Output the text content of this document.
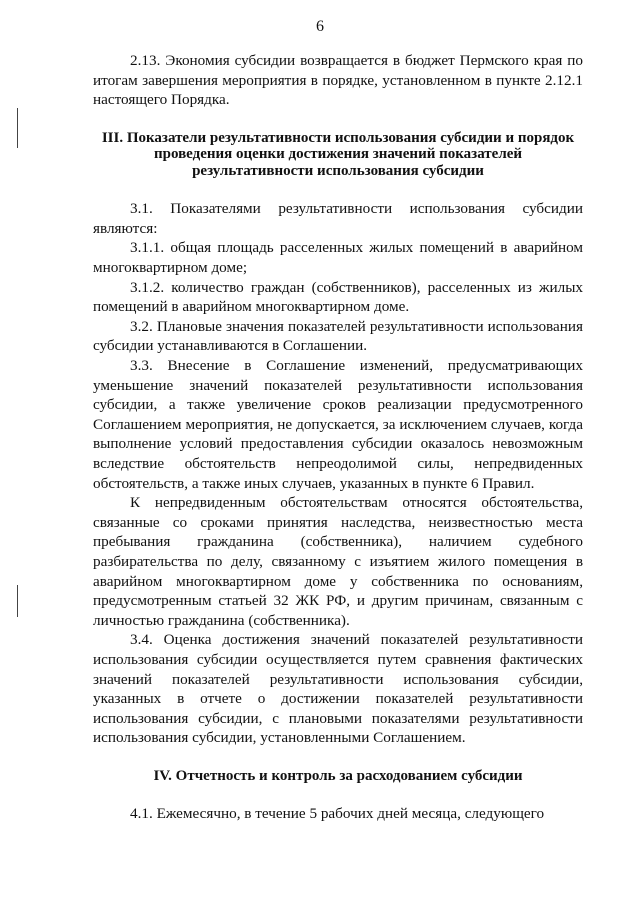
6

2.13. Экономия субсидии возвращается в бюджет Пермского края по итогам завершения мероприятия в порядке, установленном в пункте 2.12.1 настоящего Порядка.

III. Показатели результативности использования субсидии и порядок проведения оценки достижения значений показателей результативности использования субсидии

3.1. Показателями результативности использования субсидии являются:

3.1.1. общая площадь расселенных жилых помещений в аварийном многоквартирном доме;

3.1.2. количество граждан (собственников), расселенных из жилых помещений в аварийном многоквартирном доме.

3.2. Плановые значения показателей результативности использования субсидии устанавливаются в Соглашении.

3.3. Внесение в Соглашение изменений, предусматривающих уменьшение значений показателей результативности использования субсидии, а также увеличение сроков реализации предусмотренного Соглашением мероприятия, не допускается, за исключением случаев, когда выполнение условий предоставления субсидии оказалось невозможным вследствие обстоятельств непреодолимой силы, непредвиденных обстоятельств, а также иных случаев, указанных в пункте 6 Правил.

К непредвиденным обстоятельствам относятся обстоятельства, связанные со сроками принятия наследства, неизвестностью места пребывания гражданина (собственника), наличием судебного разбирательства по делу, связанному с изъятием жилого помещения в аварийном многоквартирном доме у собственника по основаниям, предусмотренным статьей 32 ЖК РФ, и другим причинам, связанным с личностью гражданина (собственника).

3.4. Оценка достижения значений показателей результативности использования субсидии осуществляется путем сравнения фактических значений показателей результативности использования субсидии, указанных в отчете о достижении показателей результативности использования субсидии, с плановыми показателями результативности использования субсидии, установленными Соглашением.

IV. Отчетность и контроль за расходованием субсидии

4.1. Ежемесячно, в течение 5 рабочих дней месяца, следующего
